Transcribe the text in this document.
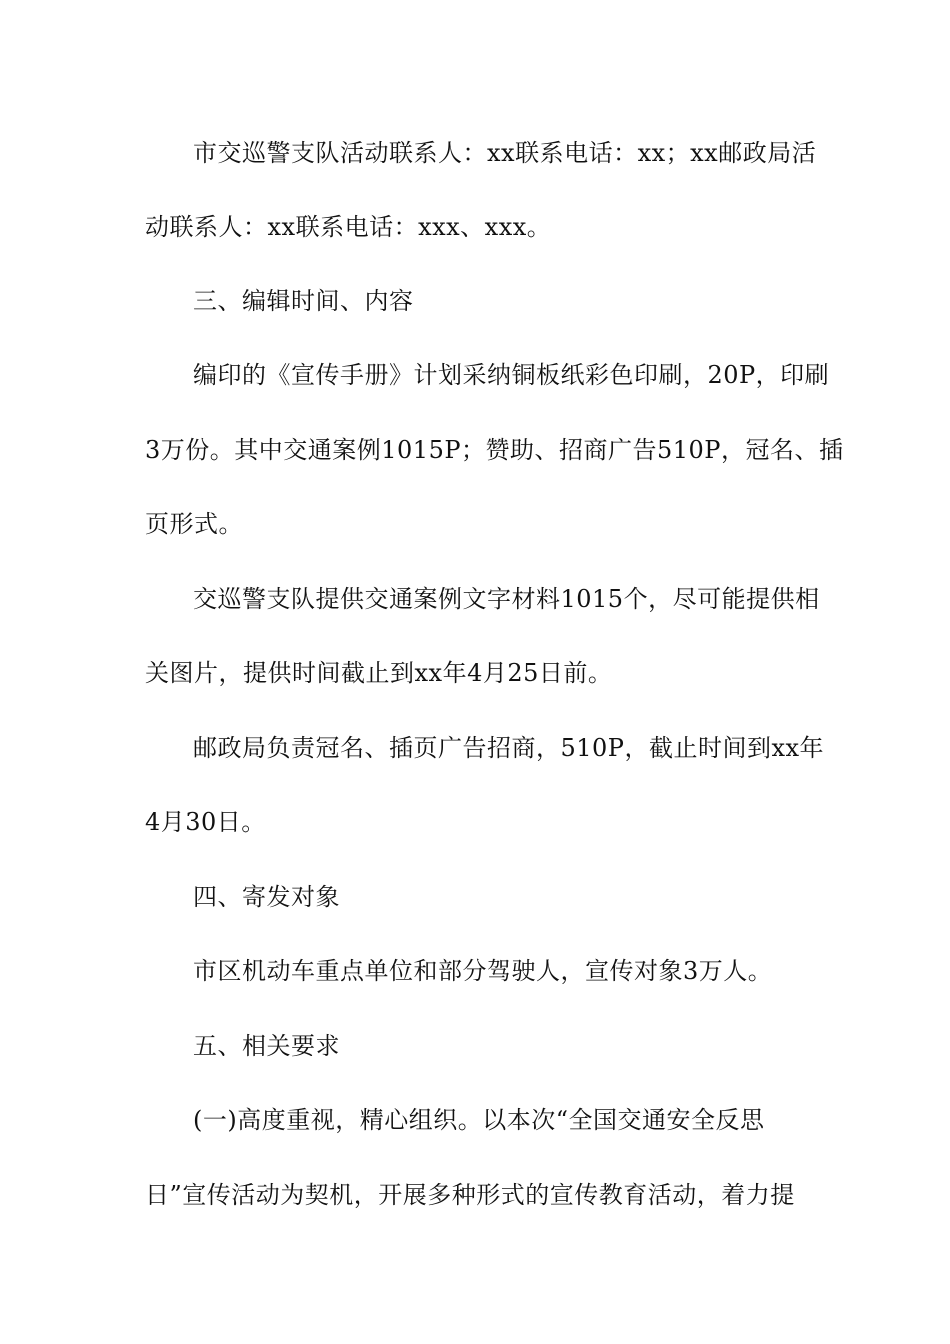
市交巡警支队活动联系人：xx联系电话：xx；xx邮政局活
动联系人：xx联系电话：xxx、xxx。
三、编辑时间、内容
编印的《宣传手册》计划采纳铜板纸彩色印刷，20P，印刷
3万份。其中交通案例1015P；赞助、招商广告510P，冠名、插
页形式。
交巡警支队提供交通案例文字材料1015个，尽可能提供相
关图片，提供时间截止到xx年4月25日前。
邮政局负责冠名、插页广告招商，510P，截止时间到xx年
4月30日。
四、寄发对象
市区机动车重点单位和部分驾驶人，宣传对象3万人。
五、相关要求
(一)高度重视，精心组织。以本次“全国交通安全反思
日”宣传活动为契机，开展多种形式的宣传教育活动，着力提
